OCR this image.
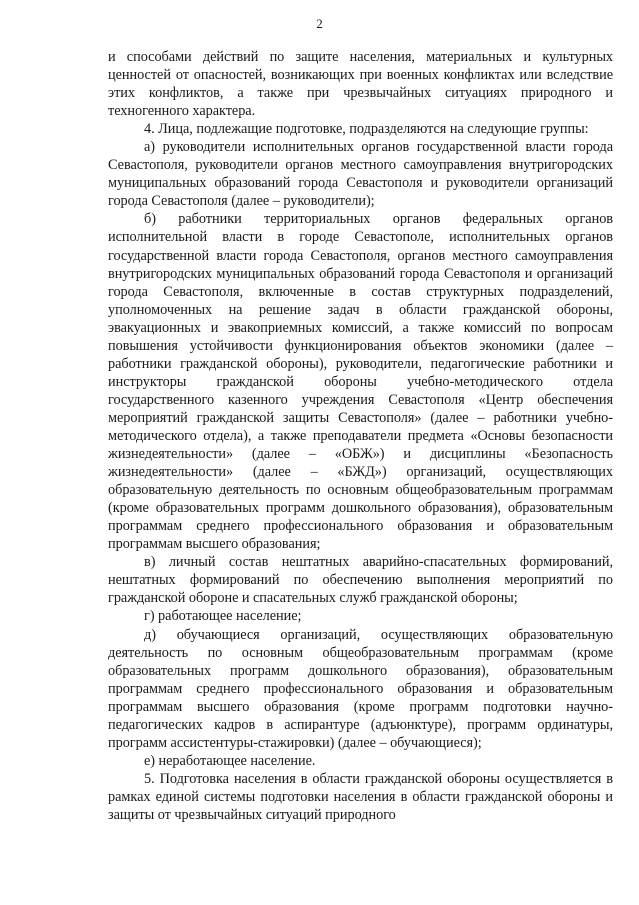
2

и способами действий по защите населения, материальных и культурных ценностей от опасностей, возникающих при военных конфликтах или вследствие этих конфликтов, а также при чрезвычайных ситуациях природного и техногенного характера.

4. Лица, подлежащие подготовке, подразделяются на следующие группы:

а) руководители исполнительных органов государственной власти города Севастополя, руководители органов местного самоуправления внутригородских муниципальных образований города Севастополя и руководители организаций города Севастополя (далее – руководители);

б) работники территориальных органов федеральных органов исполнительной власти в городе Севастополе, исполнительных органов государственной власти города Севастополя, органов местного самоуправления внутригородских муниципальных образований города Севастополя и организаций города Севастополя, включенные в состав структурных подразделений, уполномоченных на решение задач в области гражданской обороны, эвакуационных и эвакоприемных комиссий, а также комиссий по вопросам повышения устойчивости функционирования объектов экономики (далее – работники гражданской обороны), руководители, педагогические работники и инструкторы гражданской обороны учебно-методического отдела государственного казенного учреждения Севастополя «Центр обеспечения мероприятий гражданской защиты Севастополя» (далее – работники учебно-методического отдела), а также преподаватели предмета «Основы безопасности жизнедеятельности» (далее – «ОБЖ») и дисциплины «Безопасность жизнедеятельности» (далее – «БЖД») организаций, осуществляющих образовательную деятельность по основным общеобразовательным программам (кроме образовательных программ дошкольного образования), образовательным программам среднего профессионального образования и образовательным программам высшего образования;

в) личный состав нештатных аварийно-спасательных формирований, нештатных формирований по обеспечению выполнения мероприятий по гражданской обороне и спасательных служб гражданской обороны;

г) работающее население;

д) обучающиеся организаций, осуществляющих образовательную деятельность по основным общеобразовательным программам (кроме образовательных программ дошкольного образования), образовательным программам среднего профессионального образования и образовательным программам высшего образования (кроме программ подготовки научно-педагогических кадров в аспирантуре (адъюнктуре), программ ординатуры, программ ассистентуры-стажировки) (далее – обучающиеся);

е) неработающее население.

5. Подготовка населения в области гражданской обороны осуществляется в рамках единой системы подготовки населения в области гражданской обороны и защиты от чрезвычайных ситуаций природного
